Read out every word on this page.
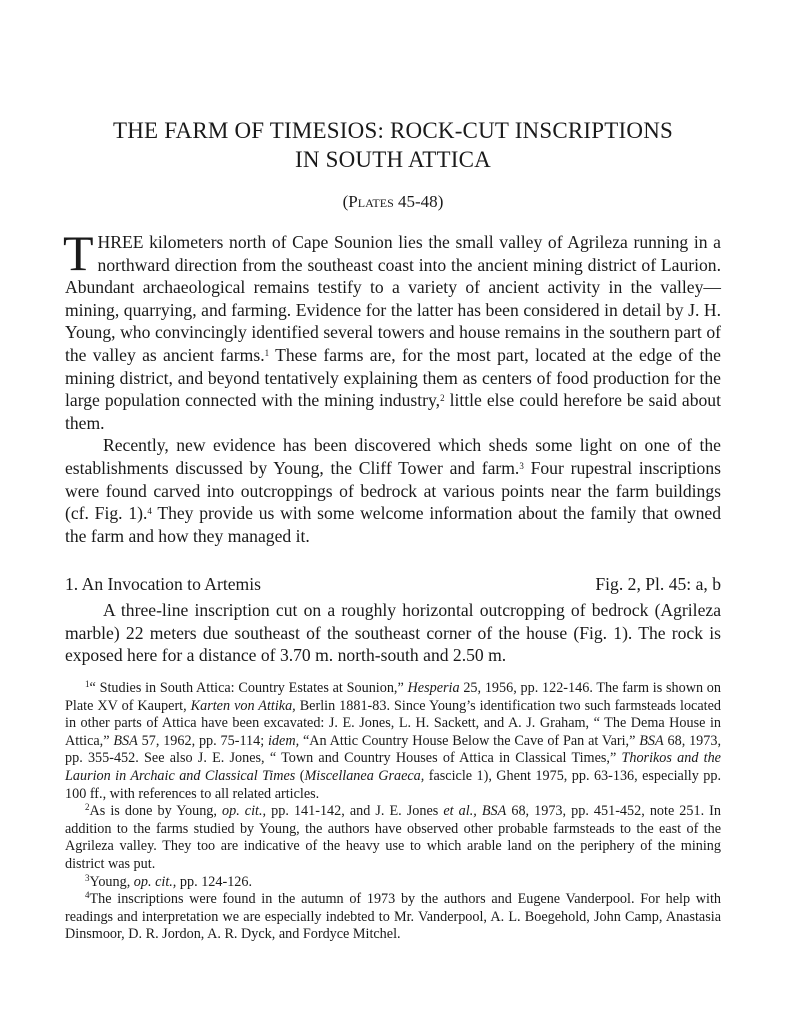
THE FARM OF TIMESIOS: ROCK-CUT INSCRIPTIONS
IN SOUTH ATTICA
(Plates 45-48)

THREE kilometers north of Cape Sounion lies the small valley of Agrileza running in a northward direction from the southeast coast into the ancient mining district of Laurion. Abundant archaeological remains testify to a variety of ancient activity in the valley—mining, quarrying, and farming. Evidence for the latter has been considered in detail by J. H. Young, who convincingly identified several towers and house remains in the southern part of the valley as ancient farms.$^1$ These farms are, for the most part, located at the edge of the mining district, and beyond tentatively explaining them as centers of food production for the large population connected with the mining industry,$^2$ little else could herefore be said about them.

Recently, new evidence has been discovered which sheds some light on one of the establishments discussed by Young, the Cliff Tower and farm.$^3$ Four rupestral inscriptions were found carved into outcroppings of bedrock at various points near the farm buildings (cf. Fig. 1).$^4$ They provide us with some welcome information about the family that owned the farm and how they managed it.

1. An Invocation to Artemis	Fig. 2, Pl. 45: a, b

A three-line inscription cut on a roughly horizontal outcropping of bedrock (Agrileza marble) 22 meters due southeast of the southeast corner of the house (Fig. 1). The rock is exposed here for a distance of 3.70 m. north-south and 2.50 m.

$^1$“ Studies in South Attica: Country Estates at Sounion,” Hesperia 25, 1956, pp. 122-146. The farm is shown on Plate XV of Kaupert, Karten von Attika, Berlin 1881-83. Since Young’s identification two such farmsteads located in other parts of Attica have been excavated: J. E. Jones, L. H. Sackett, and A. J. Graham, “ The Dema House in Attica,” BSA 57, 1962, pp. 75-114; idem, “An Attic Country House Below the Cave of Pan at Vari,” BSA 68, 1973, pp. 355-452. See also J. E. Jones, “ Town and Country Houses of Attica in Classical Times,” Thorikos and the Laurion in Archaic and Classical Times (Miscellanea Graeca, fascicle 1), Ghent 1975, pp. 63-136, especially pp. 100 ff., with references to all related articles.

$^2$As is done by Young, op. cit., pp. 141-142, and J. E. Jones et al., BSA 68, 1973, pp. 451-452, note 251. In addition to the farms studied by Young, the authors have observed other probable farmsteads to the east of the Agrileza valley. They too are indicative of the heavy use to which arable land on the periphery of the mining district was put.

$^3$Young, op. cit., pp. 124-126.

$^4$The inscriptions were found in the autumn of 1973 by the authors and Eugene Vanderpool. For help with readings and interpretation we are especially indebted to Mr. Vanderpool, A. L. Boegehold, John Camp, Anastasia Dinsmoor, D. R. Jordon, A. R. Dyck, and Fordyce Mitchel.
